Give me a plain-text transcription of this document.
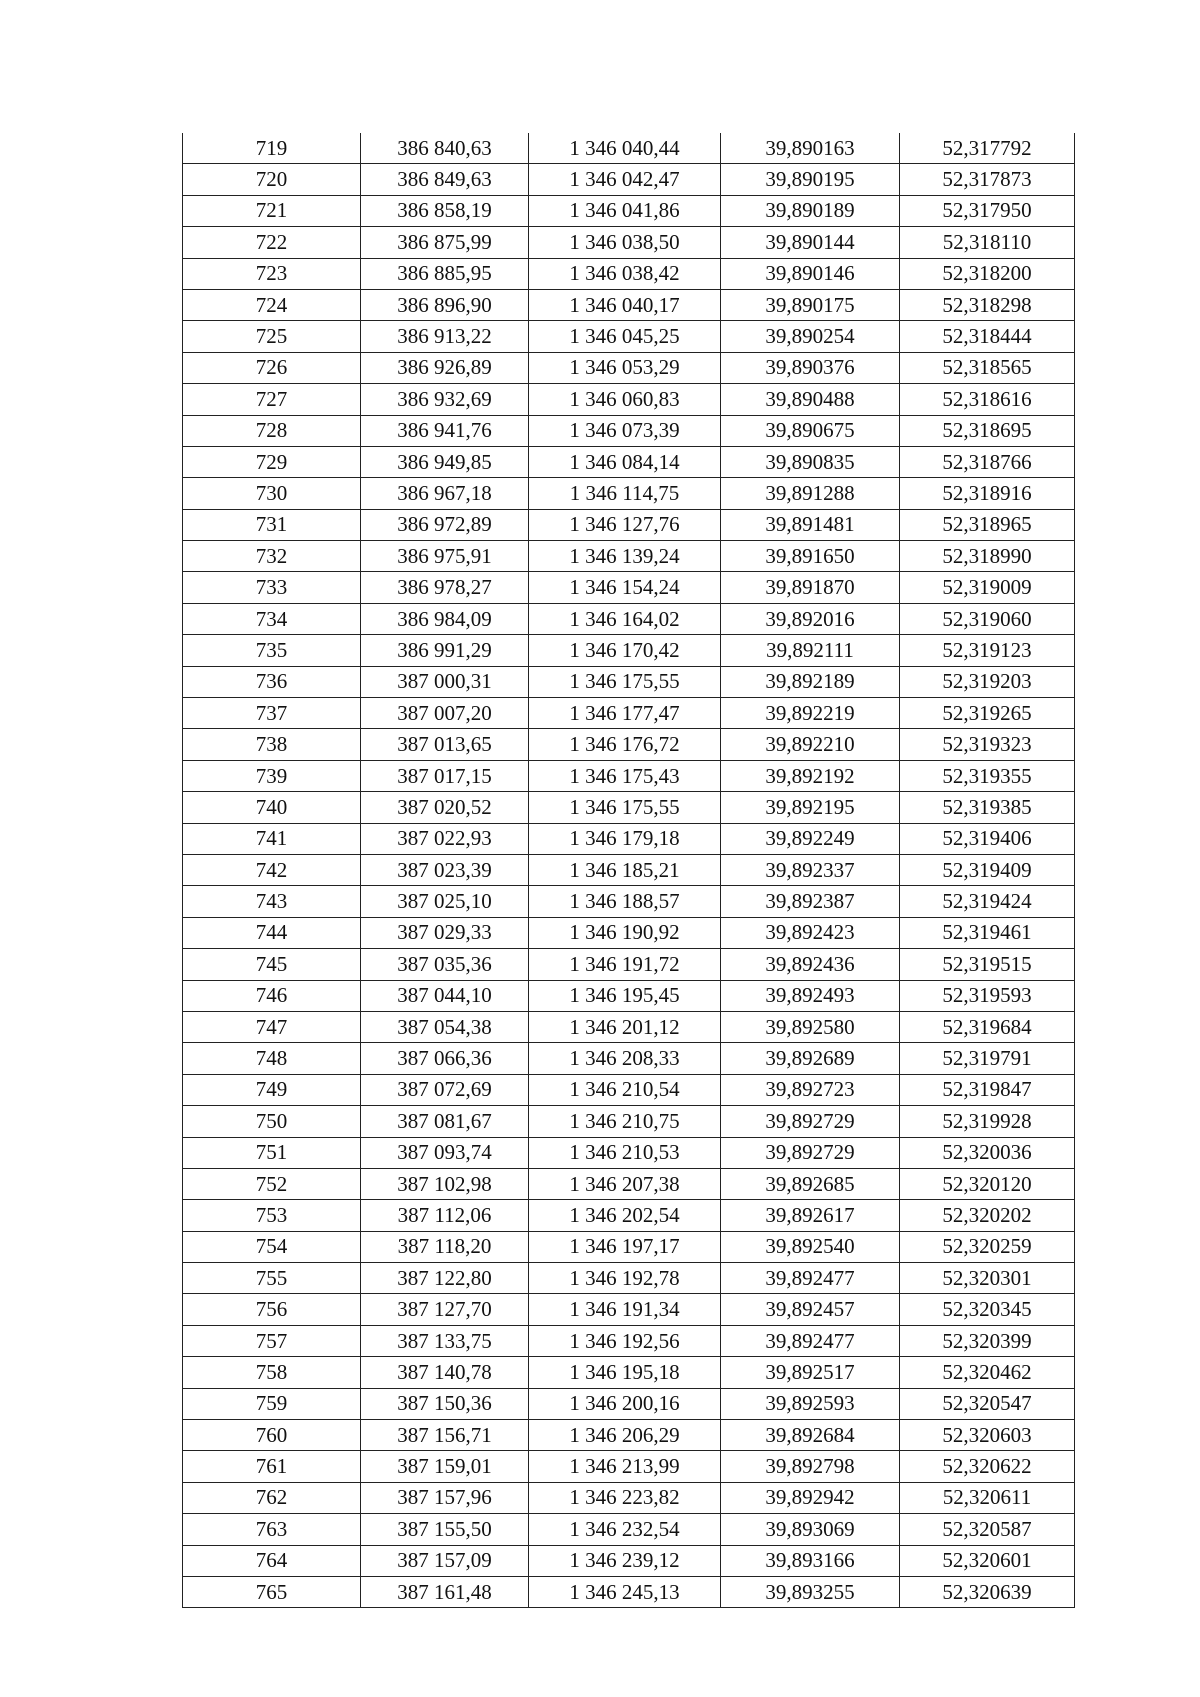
719	386 840,63	1 346 040,44	39,890163	52,317792
720	386 849,63	1 346 042,47	39,890195	52,317873
721	386 858,19	1 346 041,86	39,890189	52,317950
722	386 875,99	1 346 038,50	39,890144	52,318110
723	386 885,95	1 346 038,42	39,890146	52,318200
724	386 896,90	1 346 040,17	39,890175	52,318298
725	386 913,22	1 346 045,25	39,890254	52,318444
726	386 926,89	1 346 053,29	39,890376	52,318565
727	386 932,69	1 346 060,83	39,890488	52,318616
728	386 941,76	1 346 073,39	39,890675	52,318695
729	386 949,85	1 346 084,14	39,890835	52,318766
730	386 967,18	1 346 114,75	39,891288	52,318916
731	386 972,89	1 346 127,76	39,891481	52,318965
732	386 975,91	1 346 139,24	39,891650	52,318990
733	386 978,27	1 346 154,24	39,891870	52,319009
734	386 984,09	1 346 164,02	39,892016	52,319060
735	386 991,29	1 346 170,42	39,892111	52,319123
736	387 000,31	1 346 175,55	39,892189	52,319203
737	387 007,20	1 346 177,47	39,892219	52,319265
738	387 013,65	1 346 176,72	39,892210	52,319323
739	387 017,15	1 346 175,43	39,892192	52,319355
740	387 020,52	1 346 175,55	39,892195	52,319385
741	387 022,93	1 346 179,18	39,892249	52,319406
742	387 023,39	1 346 185,21	39,892337	52,319409
743	387 025,10	1 346 188,57	39,892387	52,319424
744	387 029,33	1 346 190,92	39,892423	52,319461
745	387 035,36	1 346 191,72	39,892436	52,319515
746	387 044,10	1 346 195,45	39,892493	52,319593
747	387 054,38	1 346 201,12	39,892580	52,319684
748	387 066,36	1 346 208,33	39,892689	52,319791
749	387 072,69	1 346 210,54	39,892723	52,319847
750	387 081,67	1 346 210,75	39,892729	52,319928
751	387 093,74	1 346 210,53	39,892729	52,320036
752	387 102,98	1 346 207,38	39,892685	52,320120
753	387 112,06	1 346 202,54	39,892617	52,320202
754	387 118,20	1 346 197,17	39,892540	52,320259
755	387 122,80	1 346 192,78	39,892477	52,320301
756	387 127,70	1 346 191,34	39,892457	52,320345
757	387 133,75	1 346 192,56	39,892477	52,320399
758	387 140,78	1 346 195,18	39,892517	52,320462
759	387 150,36	1 346 200,16	39,892593	52,320547
760	387 156,71	1 346 206,29	39,892684	52,320603
761	387 159,01	1 346 213,99	39,892798	52,320622
762	387 157,96	1 346 223,82	39,892942	52,320611
763	387 155,50	1 346 232,54	39,893069	52,320587
764	387 157,09	1 346 239,12	39,893166	52,320601
765	387 161,48	1 346 245,13	39,893255	52,320639
